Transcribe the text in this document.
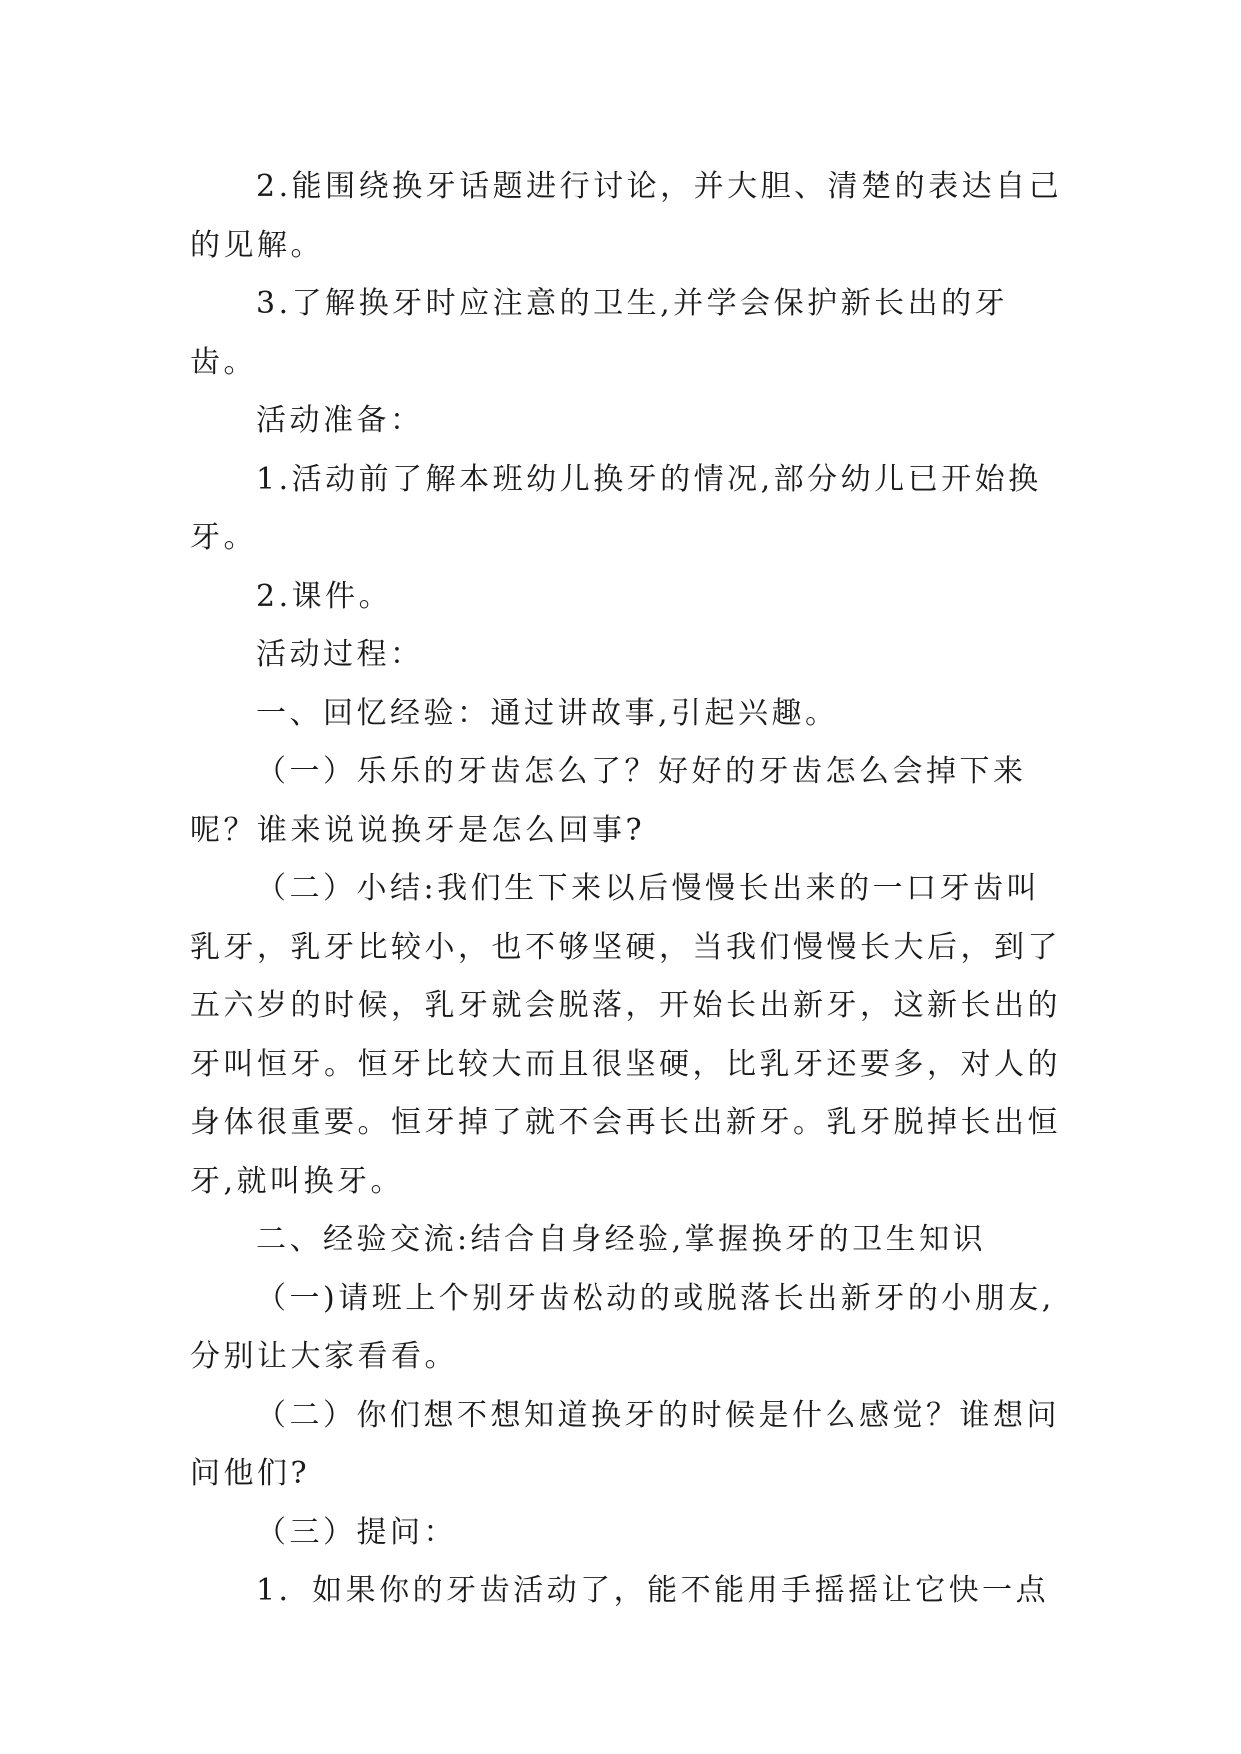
2.能围绕换牙话题进行讨论，并大胆、清楚的表达自己
的见解。
3.了解换牙时应注意的卫生,并学会保护新长出的牙齿。
活动准备：
1.活动前了解本班幼儿换牙的情况,部分幼儿已开始换
牙。
2.课件。
活动过程：
一、回忆经验：通过讲故事,引起兴趣。
（一）乐乐的牙齿怎么了？好好的牙齿怎么会掉下来
呢？谁来说说换牙是怎么回事?
（二）小结:我们生下来以后慢慢长出来的一口牙齿叫
乳牙，乳牙比较小，也不够坚硬，当我们慢慢长大后，到了
五六岁的时候，乳牙就会脱落，开始长出新牙，这新长出的
牙叫恒牙。恒牙比较大而且很坚硬，比乳牙还要多，对人的
身体很重要。恒牙掉了就不会再长出新牙。乳牙脱掉长出恒
牙,就叫换牙。
二、经验交流:结合自身经验,掌握换牙的卫生知识
（一)请班上个别牙齿松动的或脱落长出新牙的小朋友,
分别让大家看看。
（二）你们想不想知道换牙的时候是什么感觉？谁想问
问他们?
（三）提问：
1．如果你的牙齿活动了，能不能用手摇摇让它快一点
